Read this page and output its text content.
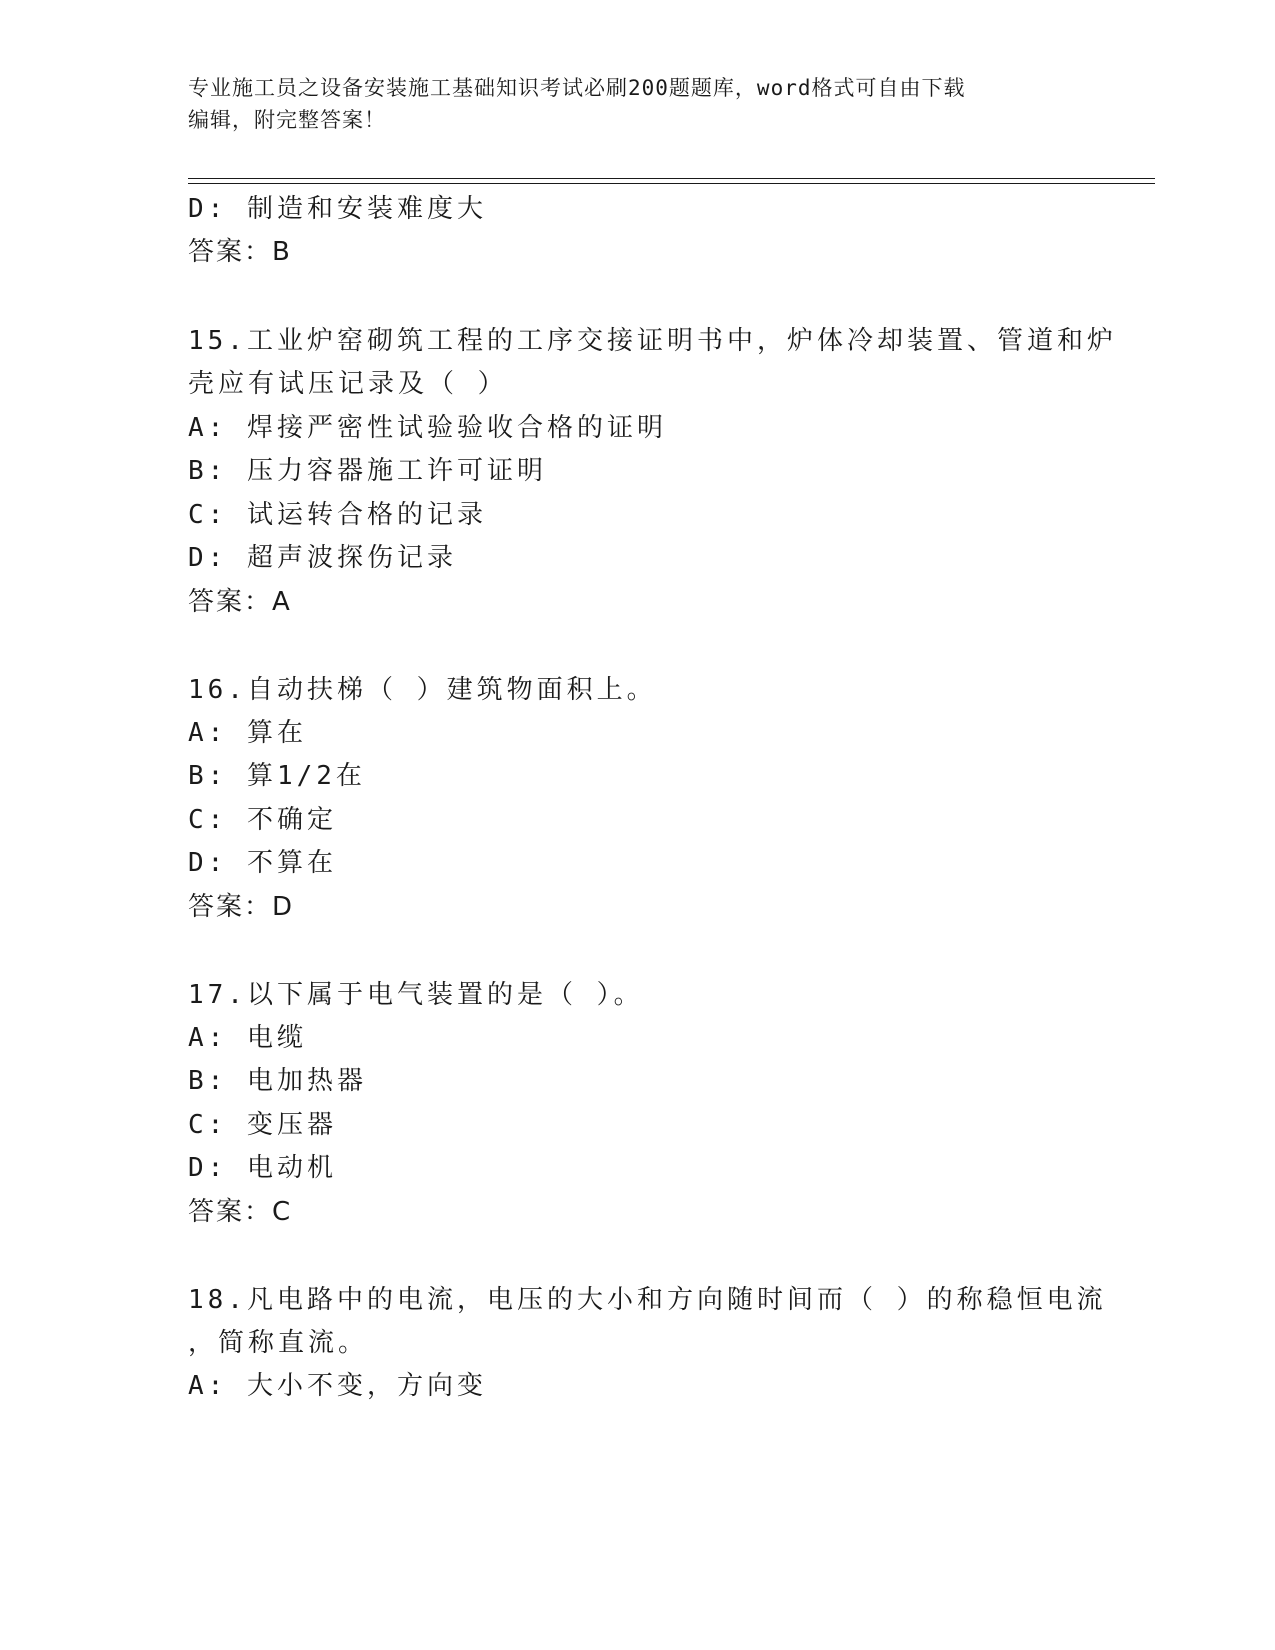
专业施工员之设备安装施工基础知识考试必刷200题题库，word格式可自由下载
编辑，附完整答案！
D: 制造和安装难度大
答案：B
15.工业炉窑砌筑工程的工序交接证明书中，炉体冷却装置、管道和炉
壳应有试压记录及（ ）
A: 焊接严密性试验验收合格的证明
B: 压力容器施工许可证明
C: 试运转合格的记录
D: 超声波探伤记录
答案：A
16.自动扶梯（ ）建筑物面积上。
A: 算在
B: 算1/2在
C: 不确定
D: 不算在
答案：D
17.以下属于电气装置的是（ ）。
A: 电缆
B: 电加热器
C: 变压器
D: 电动机
答案：C
18.凡电路中的电流，电压的大小和方向随时间而（ ）的称稳恒电流
，简称直流。
A: 大小不变，方向变
